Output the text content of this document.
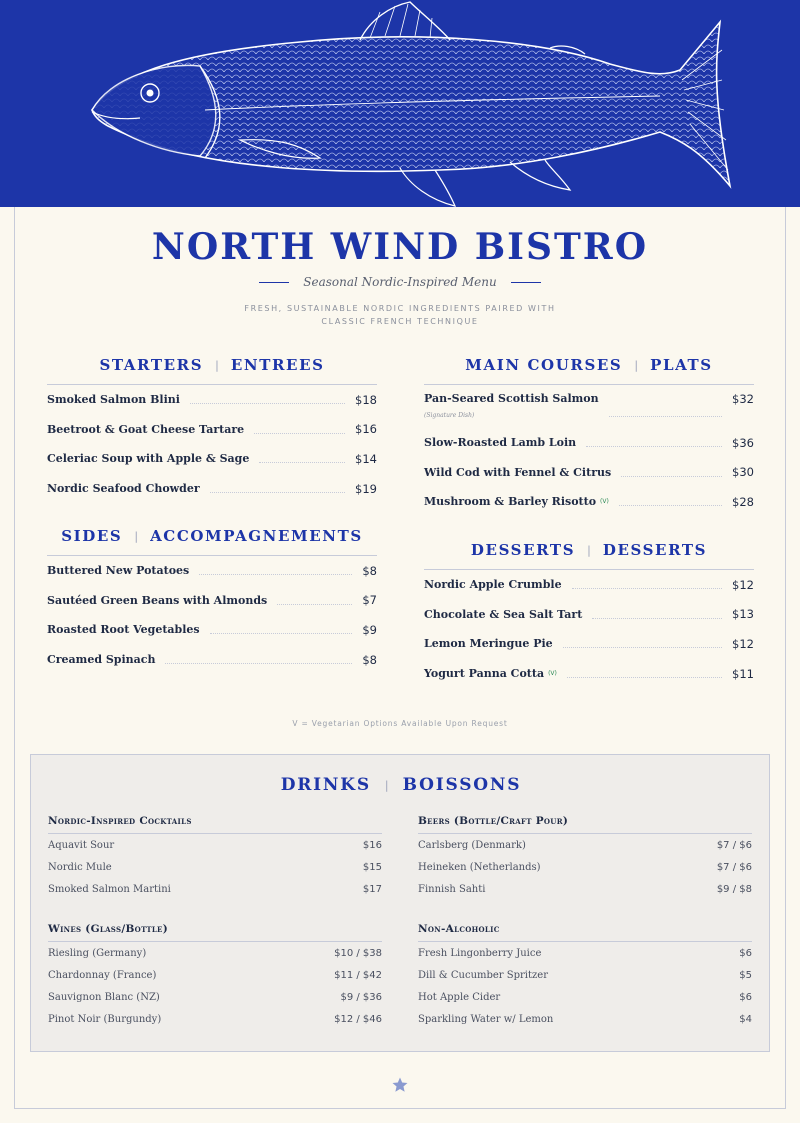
NORTH WIND BISTRO
Seasonal Nordic-Inspired Menu
FRESH, SUSTAINABLE NORDIC INGREDIENTS PAIRED WITH CLASSIC FRENCH TECHNIQUE
STARTERS | ENTREES
Smoked Salmon Blini	$18
Beetroot & Goat Cheese Tartare	$16
Celeriac Soup with Apple & Sage	$14
Nordic Seafood Chowder	$19
SIDES | ACCOMPAGNEMENTS
Buttered New Potatoes	$8
Sautéed Green Beans with Almonds	$7
Roasted Root Vegetables	$9
Creamed Spinach	$8
MAIN COURSES | PLATS
Pan-Seared Scottish Salmon	$32
(Signature Dish)
Slow-Roasted Lamb Loin	$36
Wild Cod with Fennel & Citrus	$30
Mushroom & Barley Risotto (V)	$28
DESSERTS | DESSERTS
Nordic Apple Crumble	$12
Chocolate & Sea Salt Tart	$13
Lemon Meringue Pie	$12
Yogurt Panna Cotta (V)	$11
V = Vegetarian Options Available Upon Request
DRINKS | BOISSONS
Nordic-Inspired Cocktails
Aquavit Sour	$16
Nordic Mule	$15
Smoked Salmon Martini	$17
Beers (Bottle/Craft Pour)
Carlsberg (Denmark)	$7 / $6
Heineken (Netherlands)	$7 / $6
Finnish Sahti	$9 / $8
Wines (Glass/Bottle)
Riesling (Germany)	$10 / $38
Chardonnay (France)	$11 / $42
Sauvignon Blanc (NZ)	$9 / $36
Pinot Noir (Burgundy)	$12 / $46
Non-Alcoholic
Fresh Lingonberry Juice	$6
Dill & Cucumber Spritzer	$5
Hot Apple Cider	$6
Sparkling Water w/ Lemon	$4
